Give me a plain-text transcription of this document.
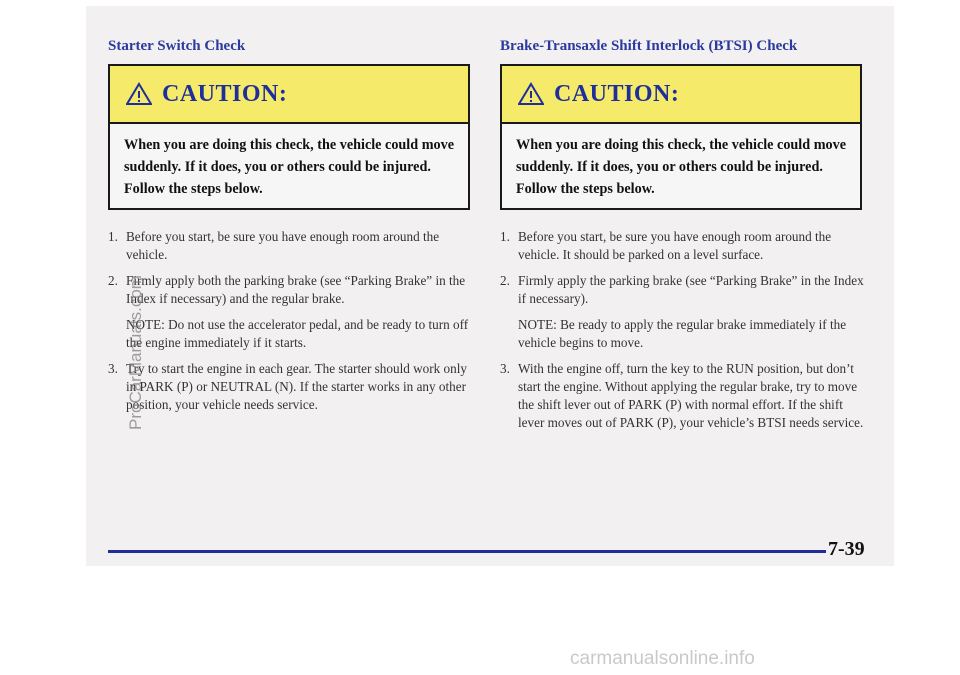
Starter Switch Check
CAUTION:
When you are doing this check, the vehicle could move suddenly. If it does, you or others could be injured. Follow the steps below.
1. Before you start, be sure you have enough room around the vehicle.
2. Firmly apply both the parking brake (see “Parking Brake” in the Index if necessary) and the regular brake.
NOTE: Do not use the accelerator pedal, and be ready to turn off the engine immediately if it starts.
3. Try to start the engine in each gear. The starter should work only in PARK (P) or NEUTRAL (N). If the starter works in any other position, your vehicle needs service.
Brake-Transaxle Shift Interlock (BTSI) Check
CAUTION:
When you are doing this check, the vehicle could move suddenly. If it does, you or others could be injured. Follow the steps below.
1. Before you start, be sure you have enough room around the vehicle. It should be parked on a level surface.
2. Firmly apply the parking brake (see “Parking Brake” in the Index if necessary).
NOTE: Be ready to apply the regular brake immediately if the vehicle begins to move.
3. With the engine off, turn the key to the RUN position, but don’t start the engine. Without applying the regular brake, try to move the shift lever out of PARK (P) with normal effort. If the shift lever moves out of PARK (P), your vehicle’s BTSI needs service.
7-39
ProCarManuals.com
carmanualsonline.info
